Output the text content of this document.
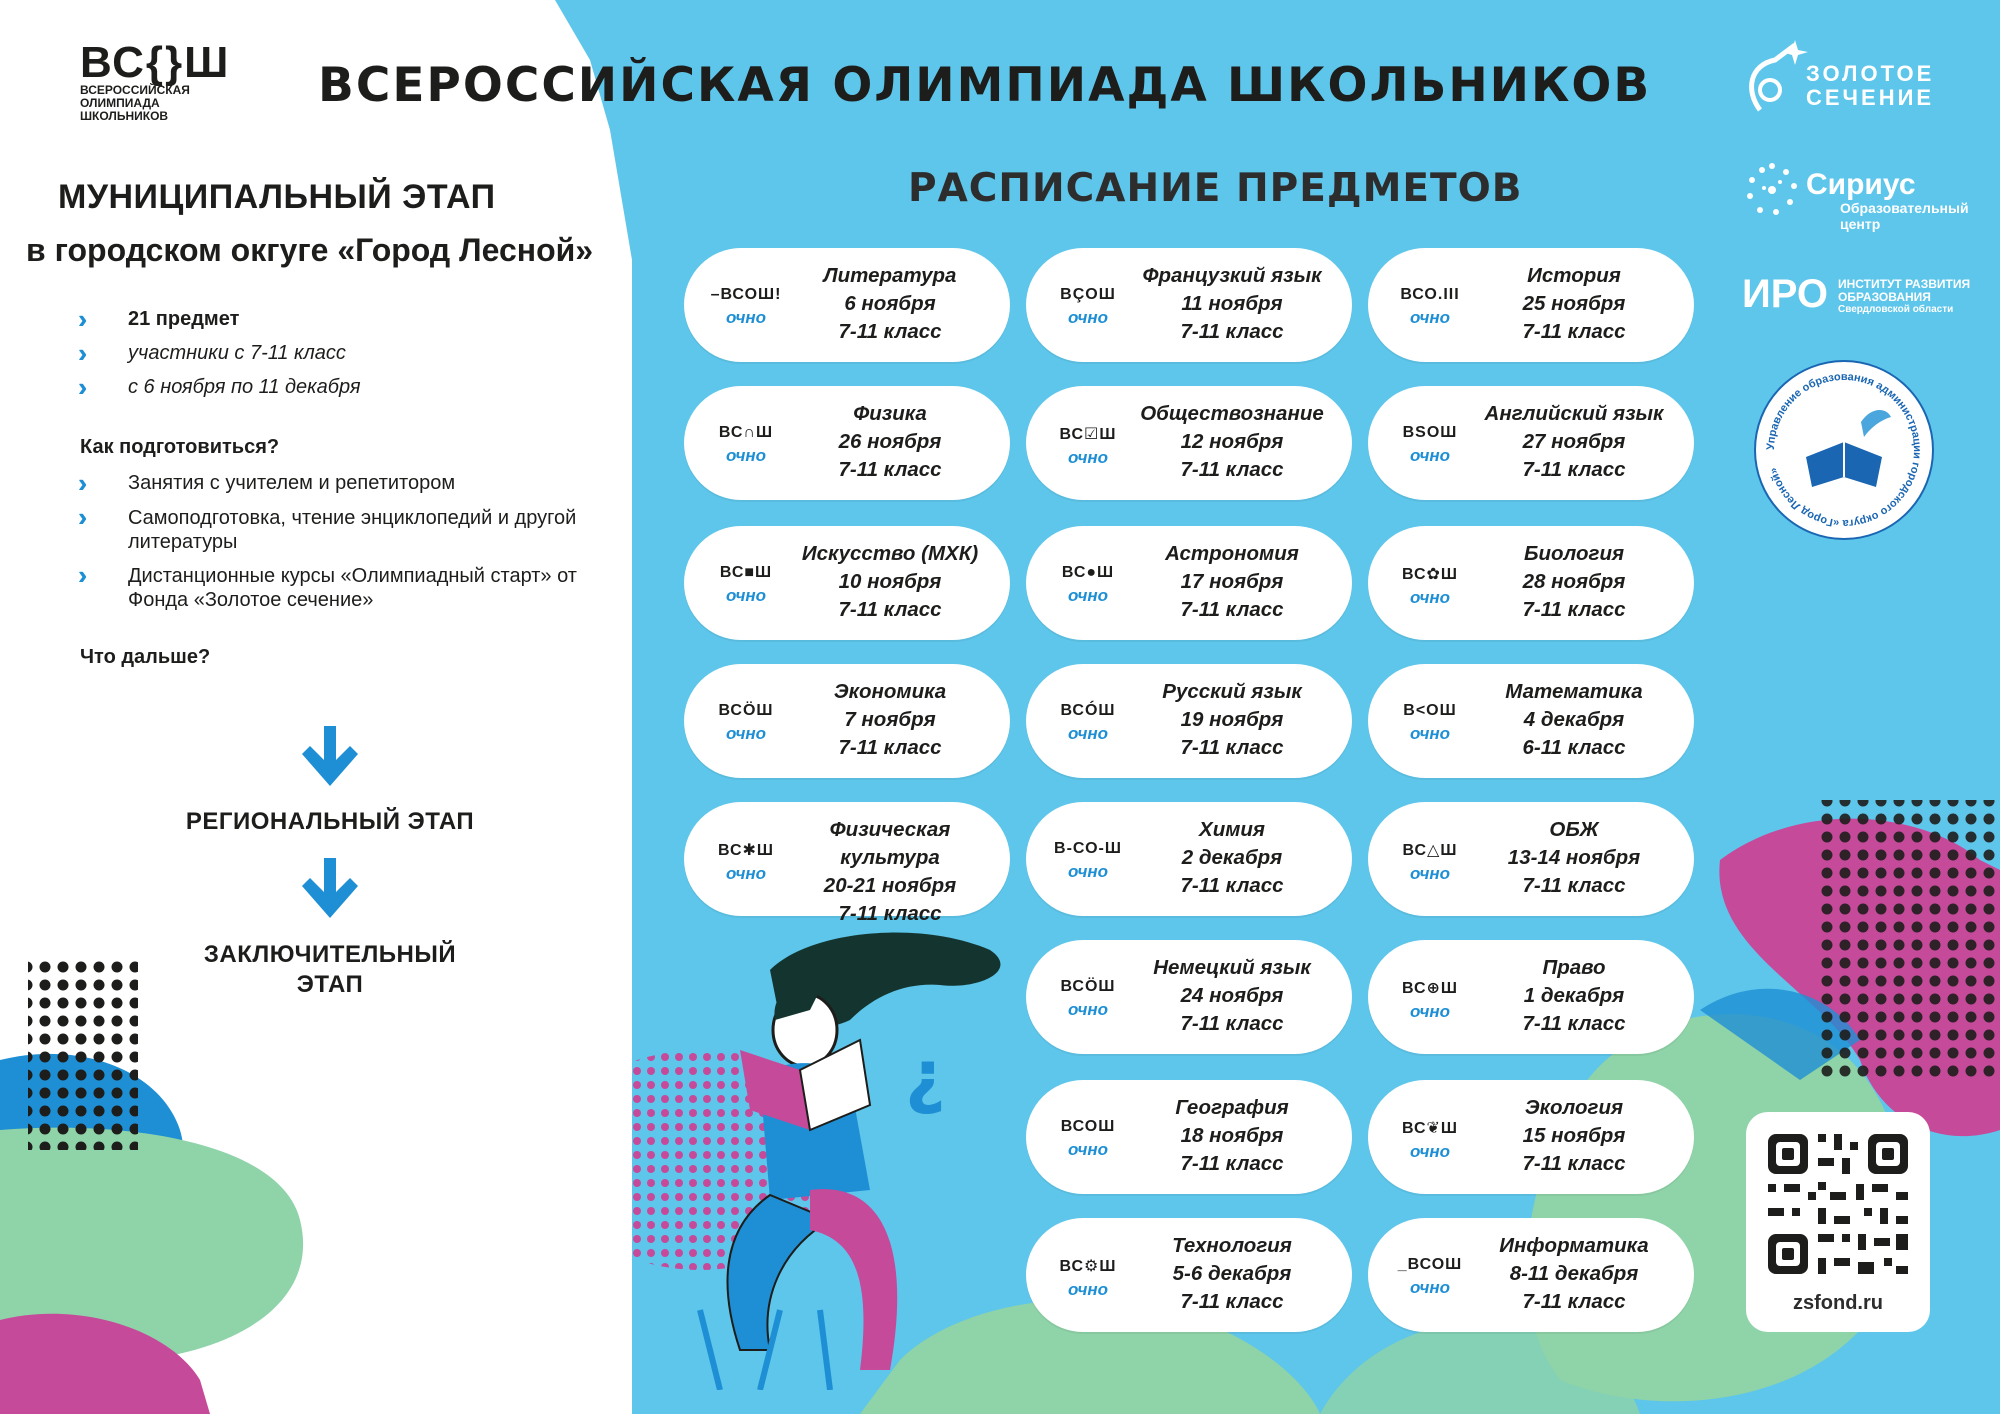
ВС{}Ш
ВСЕРОССИЙСКАЯ
ОЛИМПИАДА
ШКОЛЬНИКОВ
ВСЕРОССИЙСКАЯ ОЛИМПИАДА ШКОЛЬНИКОВ
МУНИЦИПАЛЬНЫЙ ЭТАП
в городском окгуге «Город Лесной»
››	21 предмет
››	участники с 7-11 класс
››	с 6 ноября по 11 декабря
Как подготовиться?
››	Занятия с учителем и репетитором
››	Самоподготовка, чтение энциклопедий и другой литературы
››	Дистанционные курсы «Олимпиадный старт» от Фонда «Золотое сечение»
Что дальше?
РЕГИОНАЛЬНЫЙ ЭТАП
ЗАКЛЮЧИТЕЛЬНЫЙ
ЭТАП
РАСПИСАНИЕ ПРЕДМЕТОВ
–ВСОШ!
очно
Литература
6 ноября
7-11 класс
ВÇОШ
очно
Французкий язык
11 ноября
7-11 класс
ВСО.III
очно
История
25 ноября
7-11 класс
ВС∩Ш
очно
Физика
26 ноября
7-11 класс
ВС☑Ш
очно
Обществознание
12 ноября
7-11 класс
BSOШ
очно
Английский язык
27 ноября
7-11 класс
ВС■Ш
очно
Искусство (МХК)
10 ноября
7-11 класс
ВС●Ш
очно
Астрономия
17 ноября
7-11 класс
ВС✿Ш
очно
Биология
28 ноября
7-11 класс
ВСÖШ
очно
Экономика
7 ноября
7-11 класс
ВСÓШ
очно
Русский язык
19 ноября
7-11 класс
В<ОШ
очно
Математика
4 декабря
6-11 класс
ВС✱Ш
очно
Физическая культура
20-21 ноября
7-11 класс
В-СО-Ш
очно
Химия
2 декабря
7-11 класс
ВС△Ш
очно
ОБЖ
13-14 ноября
7-11 класс
ВСÖШ
очно
Немецкий язык
24 ноября
7-11 класс
ВС⊕Ш
очно
Право
1 декабря
7-11 класс
ВСОШ
очно
География
18 ноября
7-11 класс
ВС❦Ш
очно
Экология
15 ноября
7-11 класс
ВС⚙Ш
очно
Технология
5-6 декабря
7-11 класс
_ВСОШ
очно
Информатика
8-11 декабря
7-11 класс
¿
ЗОЛОТОЕ
СЕЧЕНИЕ
Сириус
Образовательный центр
ИРО ИНСТИТУТ РАЗВИТИЯ
ОБРАЗОВАНИЯ
Свердловской области
Управление образования администрации городского округа «Город Лесной»
zsfond.ru
